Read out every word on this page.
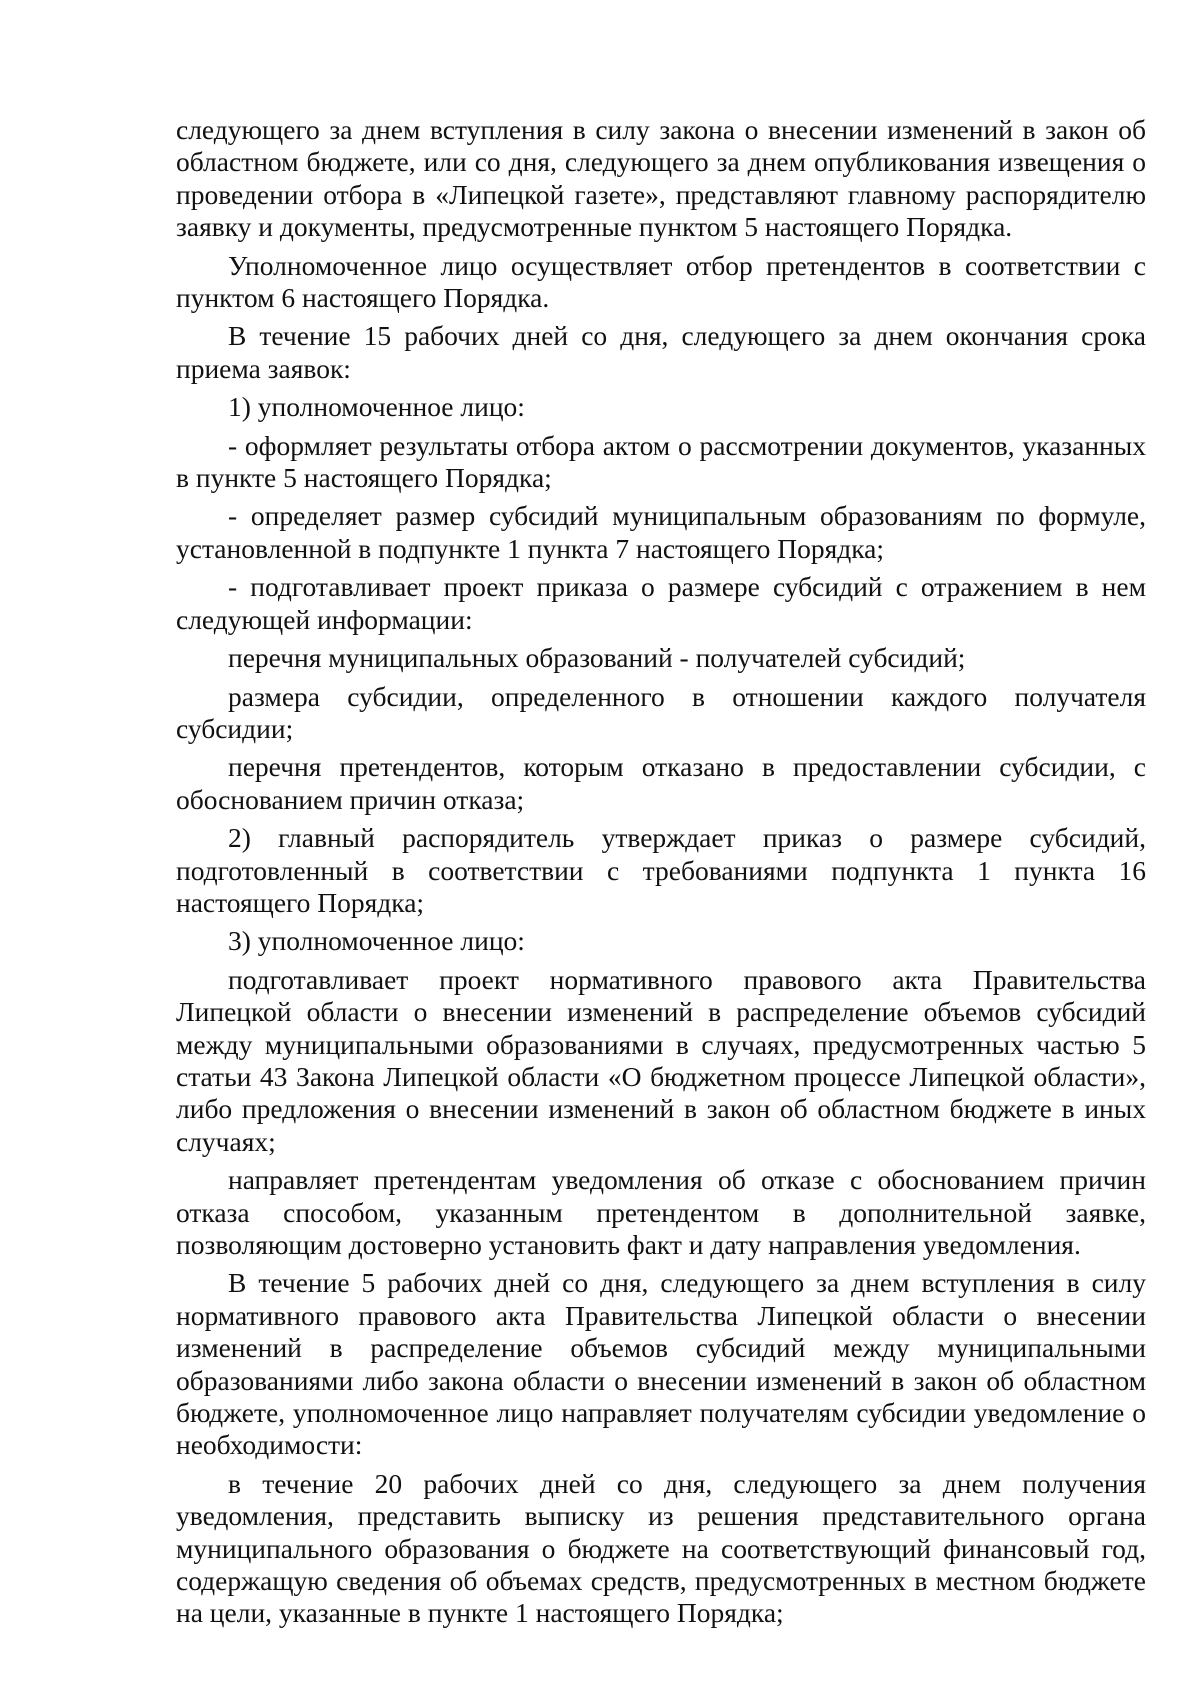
следующего за днем вступления в силу закона о внесении изменений в закон об областном бюджете, или со дня, следующего за днем опубликования извещения о проведении отбора в «Липецкой газете», представляют главному распорядителю заявку и документы, предусмотренные пунктом 5 настоящего Порядка.

Уполномоченное лицо осуществляет отбор претендентов в соответствии с пунктом 6 настоящего Порядка.

В течение 15 рабочих дней со дня, следующего за днем окончания срока приема заявок:

1) уполномоченное лицо:

- оформляет результаты отбора актом о рассмотрении документов, указанных в пункте 5 настоящего Порядка;

- определяет размер субсидий муниципальным образованиям по формуле, установленной в подпункте 1 пункта 7 настоящего Порядка;

- подготавливает проект приказа о размере субсидий с отражением в нем следующей информации:

перечня муниципальных образований - получателей субсидий;

размера субсидии, определенного в отношении каждого получателя субсидии;

перечня претендентов, которым отказано в предоставлении субсидии, с обоснованием причин отказа;

2) главный распорядитель утверждает приказ о размере субсидий, подготовленный в соответствии с требованиями подпункта 1 пункта 16 настоящего Порядка;

3) уполномоченное лицо:

подготавливает проект нормативного правового акта Правительства Липецкой области о внесении изменений в распределение объемов субсидий между муниципальными образованиями в случаях, предусмотренных частью 5 статьи 43 Закона Липецкой области «О бюджетном процессе Липецкой области», либо предложения о внесении изменений в закон об областном бюджете в иных случаях;

направляет претендентам уведомления об отказе с обоснованием причин отказа способом, указанным претендентом в дополнительной заявке, позволяющим достоверно установить факт и дату направления уведомления.

В течение 5 рабочих дней со дня, следующего за днем вступления в силу нормативного правового акта Правительства Липецкой области о внесении изменений в распределение объемов субсидий между муниципальными образованиями либо закона области о внесении изменений в закон об областном бюджете, уполномоченное лицо направляет получателям субсидии уведомление о необходимости:

в течение 20 рабочих дней со дня, следующего за днем получения уведомления, представить выписку из решения представительного органа муниципального образования о бюджете на соответствующий финансовый год, содержащую сведения об объемах средств, предусмотренных в местном бюджете на цели, указанные в пункте 1 настоящего Порядка;
